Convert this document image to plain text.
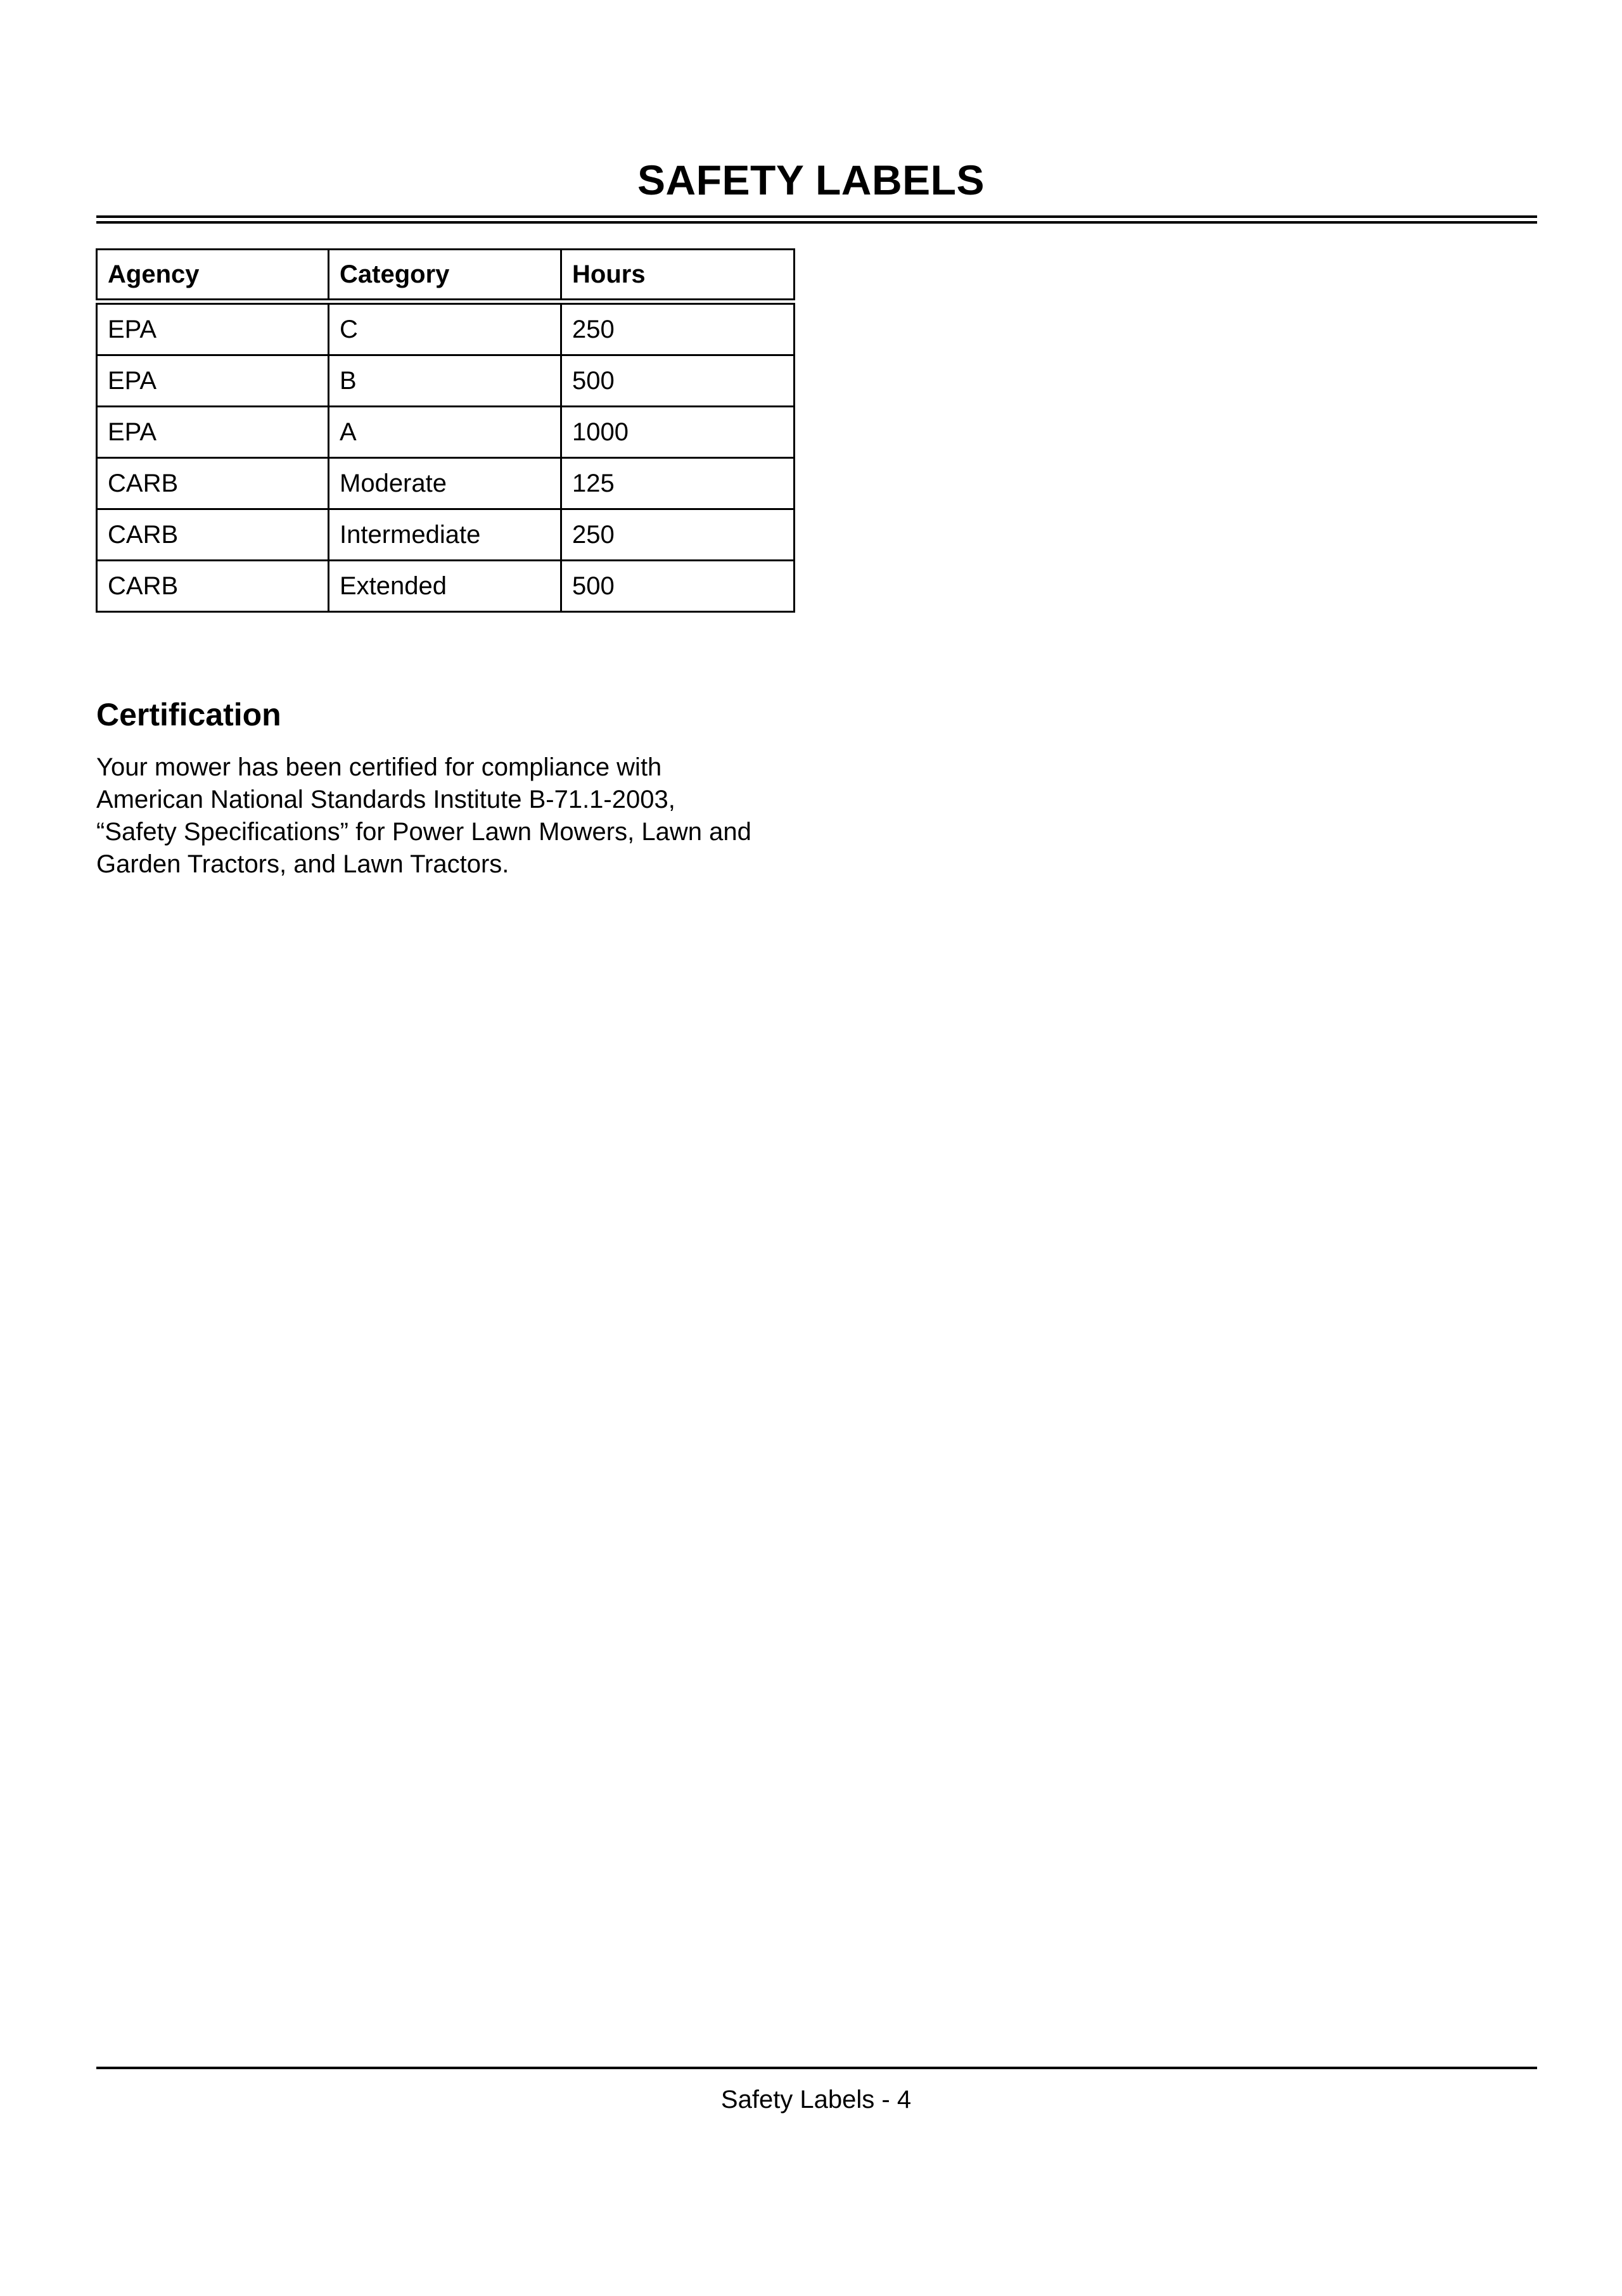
SAFETY LABELS
Agency	Category	Hours
EPA	C	250
EPA	B	500
EPA	A	1000
CARB	Moderate	125
CARB	Intermediate	250
CARB	Extended	500
Certification

Your mower has been certified for compliance with
American National Standards Institute B-71.1-2003,
“Safety Specifications” for Power Lawn Mowers, Lawn and
Garden Tractors, and Lawn Tractors.

Safety Labels - 4
